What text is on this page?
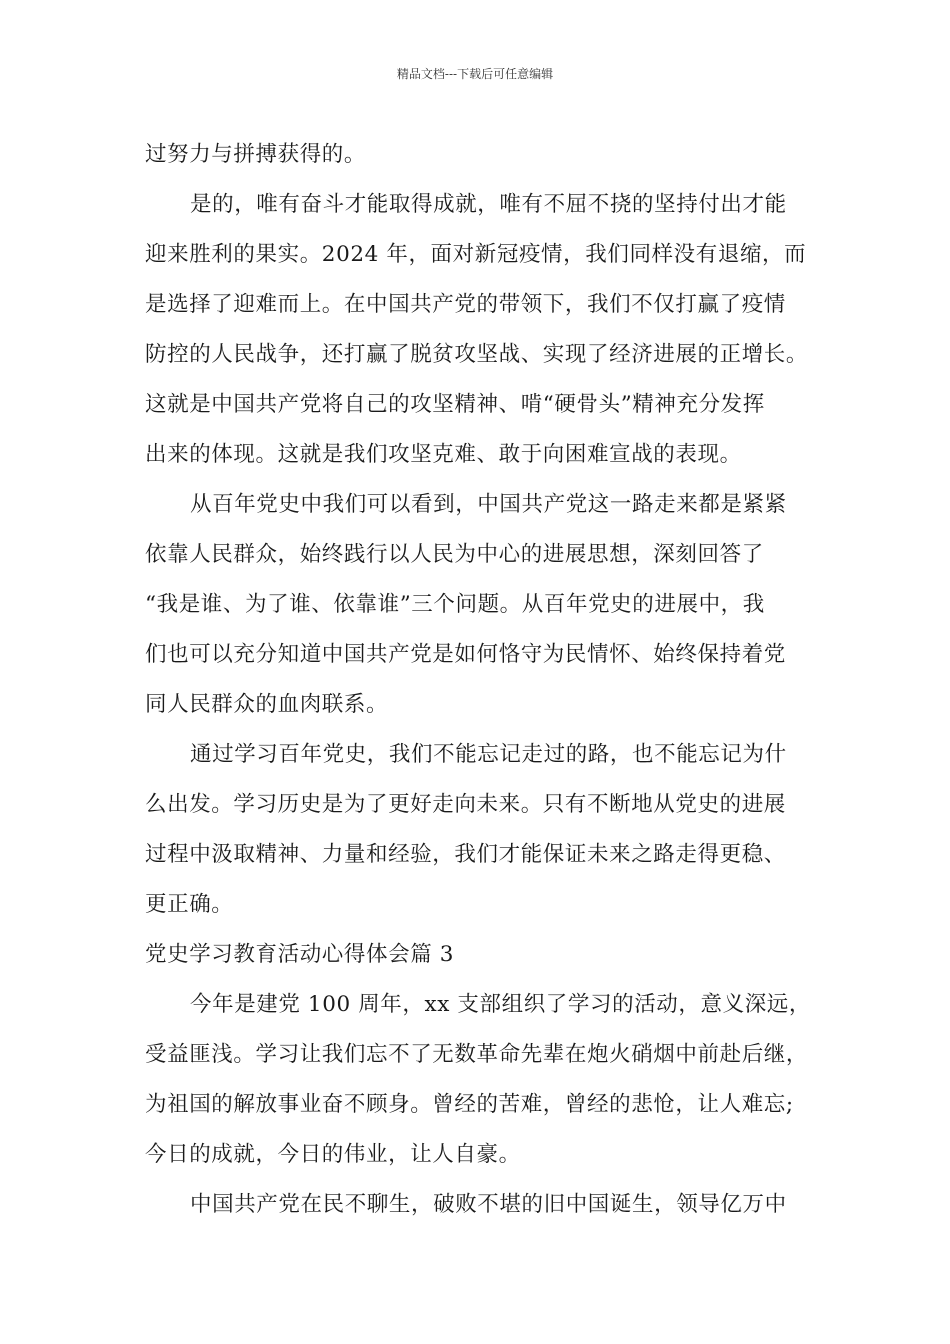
精品文档---下载后可任意编辑
过努力与拼搏获得的。
是的，唯有奋斗才能取得成就，唯有不屈不挠的坚持付出才能
迎来胜利的果实。2024 年，面对新冠疫情，我们同样没有退缩，而
是选择了迎难而上。在中国共产党的带领下，我们不仅打赢了疫情
防控的人民战争，还打赢了脱贫攻坚战、实现了经济进展的正增长。
这就是中国共产党将自己的攻坚精神、啃“硬骨头”精神充分发挥
出来的体现。这就是我们攻坚克难、敢于向困难宣战的表现。
从百年党史中我们可以看到，中国共产党这一路走来都是紧紧
依靠人民群众，始终践行以人民为中心的进展思想，深刻回答了
“我是谁、为了谁、依靠谁”三个问题。从百年党史的进展中，我
们也可以充分知道中国共产党是如何恪守为民情怀、始终保持着党
同人民群众的血肉联系。
通过学习百年党史，我们不能忘记走过的路，也不能忘记为什
么出发。学习历史是为了更好走向未来。只有不断地从党史的进展
过程中汲取精神、力量和经验，我们才能保证未来之路走得更稳、
更正确。
党史学习教育活动心得体会篇 3
今年是建党 100 周年，xx 支部组织了学习的活动，意义深远，
受益匪浅。学习让我们忘不了无数革命先辈在炮火硝烟中前赴后继，
为祖国的解放事业奋不顾身。曾经的苦难，曾经的悲怆，让人难忘;
今日的成就，今日的伟业，让人自豪。
中国共产党在民不聊生，破败不堪的旧中国诞生，领导亿万中
